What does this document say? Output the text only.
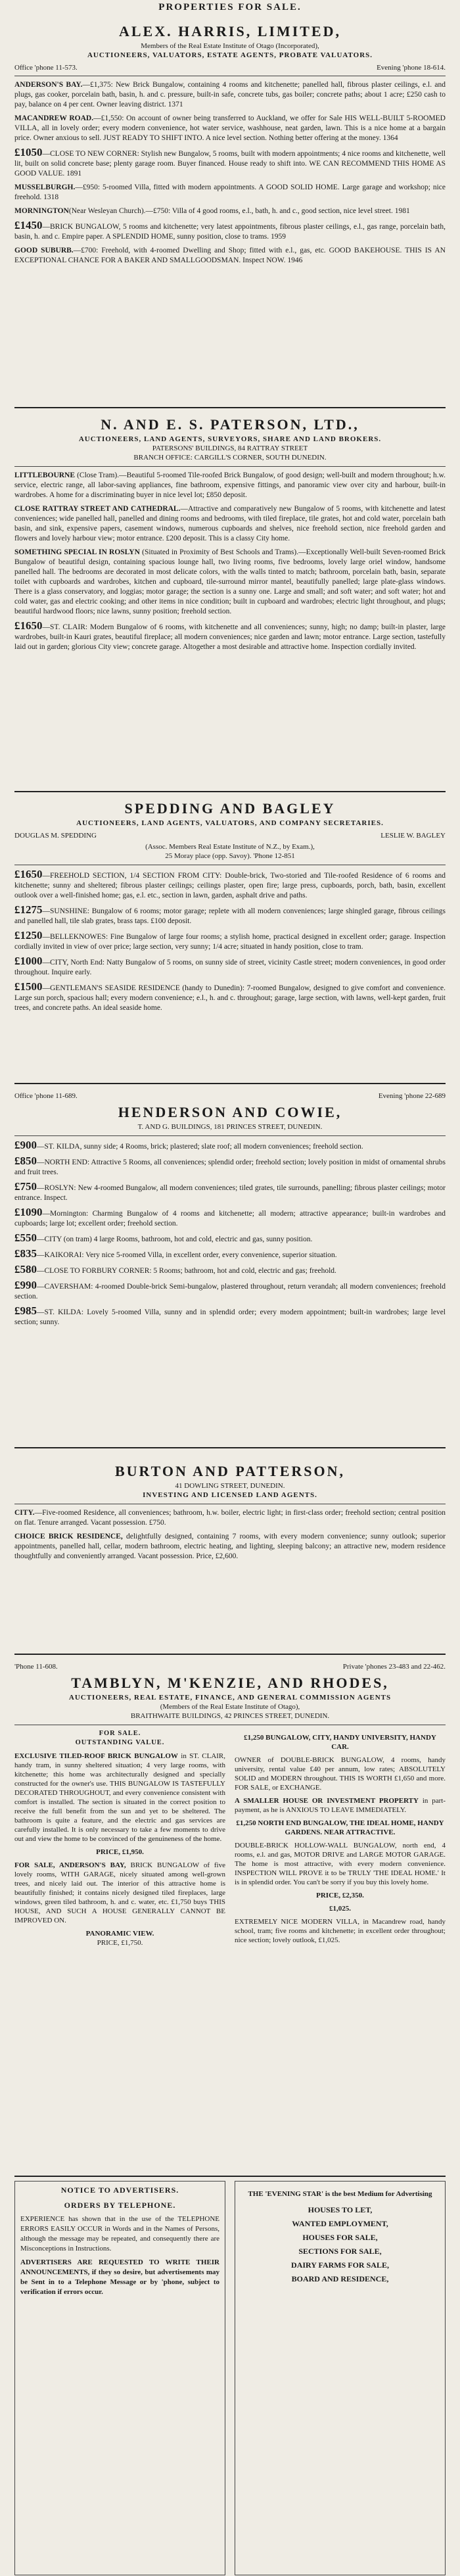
PROPERTIES FOR SALE.
ALEX. HARRIS, LIMITED,
Members of the Real Estate Institute of Otago (Incorporated),
AUCTIONEERS, VALUATORS, ESTATE AGENTS, PROBATE VALUATORS.
Office 'phone 11-573.	Evening 'phone 18-614.

ANDERSON'S BAY.—£1,375: New Brick Bungalow, containing 4 rooms and kitchenette; panelled hall, fibrous plaster ceilings, e.l. and plugs, gas cooker, porcelain bath, basin, h. and c. pressure, built-in safe, concrete tubs, gas boiler; concrete paths; about 1 acre; £250 cash to pay, balance on 4 per cent. Owner leaving district. 1371

MACANDREW ROAD.—£1,550: On account of owner being transferred to Auckland, we offer for Sale HIS WELL-BUILT 5-ROOMED VILLA, all in lovely order; every modern convenience, hot water service, washhouse, neat garden, lawn. This is a nice home at a bargain price. Owner anxious to sell. JUST READY TO SHIFT INTO. A nice level section. Nothing better offering at the money. 1364

£1050—CLOSE TO NEW CORNER: Stylish new Bungalow, 5 rooms, built with modern appointments; 4 nice rooms and kitchenette, well lit, built on solid concrete base; plenty garage room. Buyer financed. House ready to shift into. WE CAN RECOMMEND THIS HOME AS GOOD VALUE. 1891

MUSSELBURGH.—£950: 5-roomed Villa, fitted with modern appointments. A GOOD SOLID HOME. Large garage and workshop; nice freehold. 1318

MORNINGTON(Near Wesleyan Church).—£750: Villa of 4 good rooms, e.l., bath, h. and c., good section, nice level street. 1981

£1450—BRICK BUNGALOW, 5 rooms and kitchenette; very latest appointments, fibrous plaster ceilings, e.l., gas range, porcelain bath, basin, h. and c. Empire paper. A SPLENDID HOME, sunny position, close to trams. 1959

GOOD SUBURB.—£700: Freehold, with 4-roomed Dwelling and Shop; fitted with e.l., gas, etc. GOOD BAKEHOUSE. THIS IS AN EXCEPTIONAL CHANCE FOR A BAKER AND SMALLGOODSMAN. Inspect NOW. 1946

N. AND E. S. PATERSON, LTD.,
AUCTIONEERS, LAND AGENTS, SURVEYORS, SHARE AND LAND BROKERS.
PATERSONS' BUILDINGS, 84 RATTRAY STREET
BRANCH OFFICE: CARGILL'S CORNER, SOUTH DUNEDIN.

LITTLEBOURNE (Close Tram).—Beautiful 5-roomed Tile-roofed Brick Bungalow, of good design; well-built and modern throughout; h.w. service, electric range, all labor-saving appliances, fine bathroom, expensive fittings, and panoramic view over city and harbour, built-in wardrobes. A home for a discriminating buyer in nice level lot; £850 deposit.

CLOSE RATTRAY STREET AND CATHEDRAL.—Attractive and comparatively new Bungalow of 5 rooms, with kitchenette and latest conveniences; wide panelled hall, panelled and dining rooms and bedrooms, with tiled fireplace, tile grates, hot and cold water, porcelain bath basin, and sink, expensive papers, casement windows, numerous cupboards and shelves, nice freehold section, nice freehold garden and flowers and lovely harbour view; motor entrance. £200 deposit. This is a classy City home.

SOMETHING SPECIAL IN ROSLYN (Situated in Proximity of Best Schools and Trams).—Exceptionally Well-built Seven-roomed Brick Bungalow of beautiful design, containing spacious lounge hall, two living rooms, five bedrooms, lovely large oriel window, handsome panelled hall. The bedrooms are decorated in most delicate colors, with the walls tinted to match; bathroom, porcelain bath, basin, separate toilet with cupboards and wardrobes, kitchen and cupboard, tile-surround mirror mantel, beautifully panelled; large plate-glass windows. There is a glass conservatory, and loggias; motor garage; the section is a sunny one. Large and small; and soft water; and soft water; hot and cold water, gas and electric cooking; and other items in nice condition; built in cupboard and wardrobes; electric light throughout, and plugs; beautiful hardwood floors; nice lawns, sunny position; freehold section.

£1650—ST. CLAIR: Modern Bungalow of 6 rooms, with kitchenette and all conveniences; sunny, high; no damp; built-in plaster, large wardrobes, built-in Kauri grates, beautiful fireplace; all modern conveniences; nice garden and lawn; motor entrance. Large section, tastefully laid out in garden; glorious City view; concrete garage. Altogether a most desirable and attractive home. Inspection cordially invited.

SPEDDING AND BAGLEY
AUCTIONEERS, LAND AGENTS, VALUATORS, AND COMPANY SECRETARIES.
DOUGLAS M. SPEDDING	LESLIE W. BAGLEY
(Assoc. Members Real Estate Institute of N.Z., by Exam.),
25 Moray place (opp. Savoy). 'Phone 12-851

£1650—FREEHOLD SECTION, 1/4 SECTION FROM CITY: Double-brick, Two-storied and Tile-roofed Residence of 6 rooms and kitchenette; sunny and sheltered; fibrous plaster ceilings; ceilings plaster, open fire; large press, cupboards, porch, bath, basin, excellent outlook over a well-finished home; gas, e.l. etc., section in lawn, garden, asphalt drive and paths.

£1275—SUNSHINE: Bungalow of 6 rooms; motor garage; replete with all modern conveniences; large shingled garage, fibrous ceilings and panelled hall, tile slab grates, brass taps. £100 deposit.

£1250—BELLEKNOWES: Fine Bungalow of large four rooms; a stylish home, practical designed in excellent order; garage. Inspection cordially invited in view of over price; large section, very sunny; 1/4 acre; situated in handy position, close to tram.

£1000—CITY, North End: Natty Bungalow of 5 rooms, on sunny side of street, vicinity Castle street; modern conveniences, in good order throughout. Inquire early.

£1500—GENTLEMAN'S SEASIDE RESIDENCE (handy to Dunedin): 7-roomed Bungalow, designed to give comfort and convenience. Large sun porch, spacious hall; every modern convenience; e.l., h. and c. throughout; garage, large section, with lawns, well-kept garden, fruit trees, and concrete paths. An ideal seaside home.

Office 'phone 11-689.	Evening 'phone 22-689
HENDERSON AND COWIE,
T. AND G. BUILDINGS, 181 PRINCES STREET, DUNEDIN.

£900—ST. KILDA, sunny side; 4 Rooms, brick; plastered; slate roof; all modern conveniences; freehold section.

£850—NORTH END: Attractive 5 Rooms, all conveniences; splendid order; freehold section; lovely position in midst of ornamental shrubs and fruit trees.

£750—ROSLYN: New 4-roomed Bungalow, all modern conveniences; tiled grates, tile surrounds, panelling; fibrous plaster ceilings; motor entrance. Inspect.

£1090—Mornington: Charming Bungalow of 4 rooms and kitchenette; all modern; attractive appearance; built-in wardrobes and cupboards; large lot; excellent order; freehold section.

£550—CITY (on tram) 4 large Rooms, bathroom, hot and cold, electric and gas, sunny position.

£835—KAIKORAI: Very nice 5-roomed Villa, in excellent order, every convenience, superior situation.

£580—CLOSE TO FORBURY CORNER: 5 Rooms; bathroom, hot and cold, electric and gas; freehold.

£990—CAVERSHAM: 4-roomed Double-brick Semi-bungalow, plastered throughout, return verandah; all modern conveniences; freehold section.

£985—ST. KILDA: Lovely 5-roomed Villa, sunny and in splendid order; every modern appointment; built-in wardrobes; large level section; sunny.

BURTON AND PATTERSON,
41 DOWLING STREET, DUNEDIN.
INVESTING AND LICENSED LAND AGENTS.

CITY.—Five-roomed Residence, all conveniences; bathroom, h.w. boiler, electric light; in first-class order; freehold section; central position on flat. Tenure arranged. Vacant possession. £750.

CHOICE BRICK RESIDENCE, delightfully designed, containing 7 rooms, with every modern convenience; sunny outlook; superior appointments, panelled hall, cellar, modern bathroom, electric heating, and lighting, sleeping balcony; an attractive new, modern residence thoughtfully and conveniently arranged. Vacant possession. Price, £2,600.

'Phone 11-608.	Private 'phones 23-483 and 22-462.
TAMBLYN, M'KENZIE, AND RHODES,
AUCTIONEERS, REAL ESTATE, FINANCE, AND GENERAL COMMISSION AGENTS
(Members of the Real Estate Institute of Otago),
BRAITHWAITE BUILDINGS, 42 PRINCES STREET, DUNEDIN.
FOR SALE.
OUTSTANDING VALUE.

EXCLUSIVE TILED-ROOF BRICK BUNGALOW in ST. CLAIR, handy tram, in sunny sheltered situation; 4 very large rooms, with kitchenette; this home was architecturally designed and specially constructed for the owner's use. THIS BUNGALOW IS TASTEFULLY DECORATED THROUGHOUT, and every convenience consistent with comfort is installed. The section is situated in the correct position to receive the full benefit from the sun and yet to be sheltered. The bathroom is quite a feature, and the electric and gas services are carefully installed. It is only necessary to take a few moments to drive out and view the home to be convinced of the genuineness of the home.

PRICE, £1,950.

FOR SALE, ANDERSON'S BAY, BRICK BUNGALOW of five lovely rooms, WITH GARAGE, nicely situated among well-grown trees, and nicely laid out. The interior of this attractive home is beautifully finished; it contains nicely designed tiled fireplaces, large windows, green tiled bathroom, h. and c. water, etc. £1,750 buys THIS HOUSE, AND SUCH A HOUSE GENERALLY CANNOT BE IMPROVED ON.

PANORAMIC VIEW.
PRICE, £1,750.

£1,250 BUNGALOW, CITY, HANDY UNIVERSITY, HANDY CAR.

OWNER of DOUBLE-BRICK BUNGALOW, 4 rooms, handy university, rental value £40 per annum, low rates; ABSOLUTELY SOLID and MODERN throughout. THIS IS WORTH £1,650 and more. FOR SALE, or EXCHANGE.

A SMALLER HOUSE OR INVESTMENT PROPERTY in part-payment, as he is ANXIOUS TO LEAVE IMMEDIATELY.

£1,250 NORTH END BUNGALOW, THE IDEAL HOME, HANDY GARDENS. NEAR ATTRACTIVE.

DOUBLE-BRICK HOLLOW-WALL BUNGALOW, north end, 4 rooms, e.l. and gas, MOTOR DRIVE and LARGE MOTOR GARAGE. The home is most attractive, with every modern convenience. INSPECTION WILL PROVE it to be TRULY 'THE IDEAL HOME.' It is in splendid order. You can't be sorry if you buy this lovely home.

PRICE, £2,350.

£1,025.

EXTREMELY NICE MODERN VILLA, in Macandrew road, handy school, tram; five rooms and kitchenette; in excellent order throughout; nice section; lovely outlook, £1,025.

NOTICE TO ADVERTISERS.
ORDERS BY TELEPHONE.
EXPERIENCE has shown that in the use of the TELEPHONE ERRORS EASILY OCCUR in Words and in the Names of Persons, although the message may be repeated, and consequently there are Misconceptions in Instructions.
ADVERTISERS ARE REQUESTED TO WRITE THEIR ANNOUNCEMENTS, if they so desire, but advertisements may be Sent in to a Telephone Message or by 'phone, subject to verification if errors occur.
THE 'EVENING STAR' is the best Medium for Advertising
HOUSES TO LET,
WANTED EMPLOYMENT,
HOUSES FOR SALE,
SECTIONS FOR SALE,
DAIRY FARMS FOR SALE,
BOARD AND RESIDENCE,
